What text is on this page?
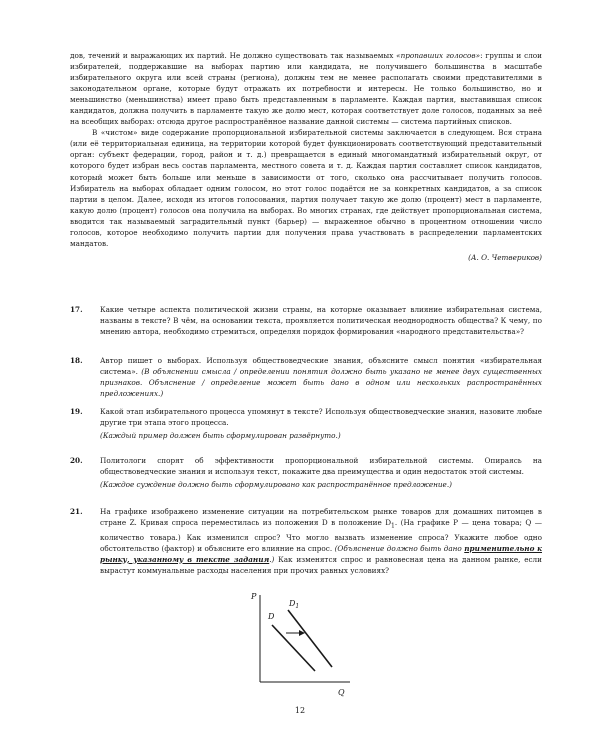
дов, течений и выражающих их партий. Не должно существовать так называемых «пропавших голосов»: группы и слои избирателей, поддержавшие на выборах партию или кандидата, не получившего большинства в масштабе избирательного округа или всей страны (региона), должны тем не менее располагать своими представителями в законодательном органе, которые будут отражать их потребности и интересы. Не только большинство, но и меньшинство (меньшинства) имеет право быть представленным в парламенте. Каждая партия, выставившая список кандидатов, должна получить в парламенте такую же долю мест, которая соответствует доле голосов, поданных за неё на всеобщих выборах: отсюда другое распространённое название данной системы — система партийных списков.

В «чистом» виде содержание пропорциональной избирательной системы заключается в следующем. Вся страна (или её территориальная единица, на территории которой будет функционировать соответствующий представительный орган: субъект федерации, город, район и т. д.) превращается в единый многомандатный избирательный округ, от которого будет избран весь состав парламента, местного совета и т. д. Каждая партия составляет список кандидатов, который может быть больше или меньше в зависимости от того, сколько она рассчитывает получить голосов. Избиратель на выборах обладает одним голосом, но этот голос подаётся не за конкретных кандидатов, а за список партии в целом. Далее, исходя из итогов голосования, партия получает такую же долю (процент) мест в парламенте, какую долю (процент) голосов она получила на выборах. Во многих странах, где действует пропорциональная система, вводится так называемый заградительный пункт (барьер) — выраженное обычно в процентном отношении число голосов, которое необходимо получить партии для получения права участвовать в распределении парламентских мандатов.

(А. О. Четвериков)

17. Какие четыре аспекта политической жизни страны, на которые оказывает влияние избирательная система, названы в тексте? В чём, на основании текста, проявляется политическая неоднородность общества? К чему, по мнению автора, необходимо стремиться, определяя порядок формирования «народного представительства»?

18. Автор пишет о выборах. Используя обществоведческие знания, объясните смысл понятия «избирательная система». (В объяснении смысла / определении понятия должно быть указано не менее двух существенных признаков. Объяснение / определение может быть дано в одном или нескольких распространённых предложениях.)

19. Какой этап избирательного процесса упомянут в тексте? Используя обществоведческие знания, назовите любые другие три этапа этого процесса.

(Каждый пример должен быть сформулирован развёрнуто.)

20. Политологи спорят об эффективности пропорциональной избирательной системы. Опираясь на обществоведческие знания и используя текст, покажите два преимущества и один недостаток этой системы.

(Каждое суждение должно быть сформулировано как распространённое предложение.)

21. На графике изображено изменение ситуации на потребительском рынке товаров для домашних питомцев в стране Z. Кривая спроса переместилась из положения D в положение $D_1$. (На графике P — цена товара; Q — количество товара.) Как изменился спрос? Что могло вызвать изменение спроса? Укажите любое одно обстоятельство (фактор) и объясните его влияние на спрос. (Объяснение должно быть дано применительно к рынку, указанному в тексте задания.) Как изменятся спрос и равновесная цена на данном рынке, если вырастут коммунальные расходы населения при прочих равных условиях?

P
Q
D
$D_1$
12
